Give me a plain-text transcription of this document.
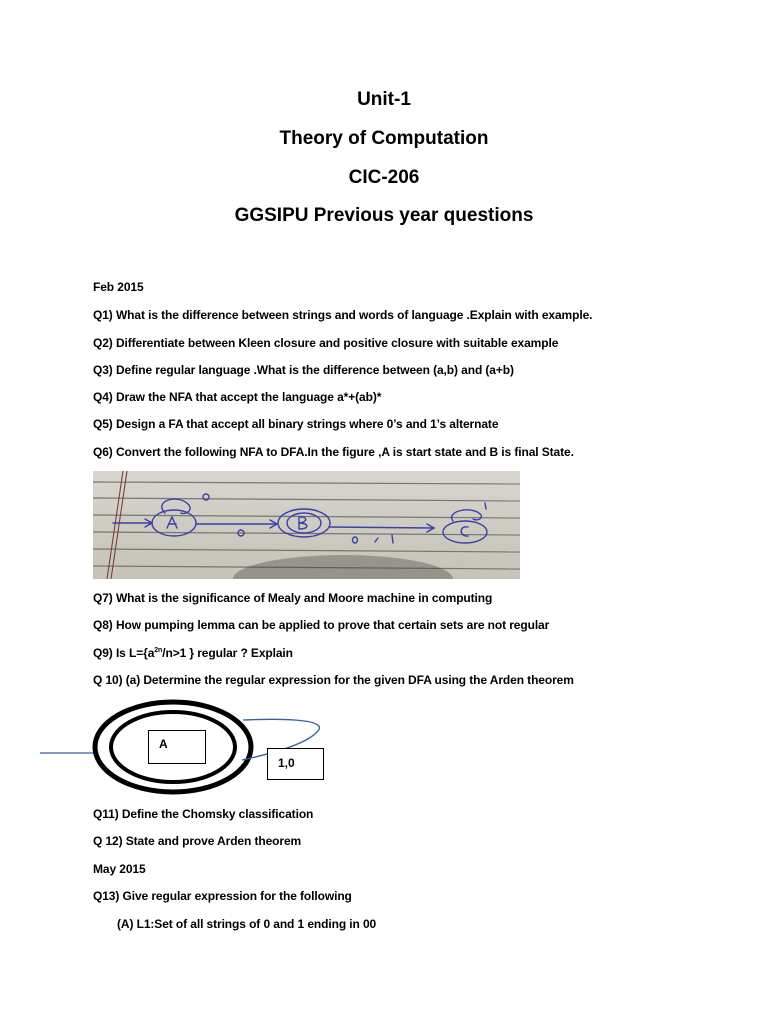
Unit-1
Theory of Computation
CIC-206
GGSIPU Previous year questions
Feb 2015
Q1) What is the difference between strings and words of language .Explain with example.
Q2) Differentiate between Kleen closure and positive closure with suitable example
Q3) Define regular language .What is the difference between (a,b) and (a+b)
Q4) Draw the NFA that accept the language a*+(ab)*
Q5) Design a FA that accept all binary strings where 0’s and 1’s alternate
Q6) Convert the following NFA to DFA.In the figure ,A is start state and B is final State.
Q7) What is the significance of Mealy and Moore machine in computing
Q8) How pumping lemma can be applied to prove that certain sets are not regular
Q9) Is $L=\{a^{2n}/n>1$ } regular ? Explain
Q 10) (a) Determine the regular expression for the given DFA using the Arden theorem
A
1,0
Q11) Define the Chomsky classification
Q 12) State and prove Arden theorem
May 2015
Q13) Give regular expression for the following
(A) L1:Set of all strings of 0 and 1 ending in 00
